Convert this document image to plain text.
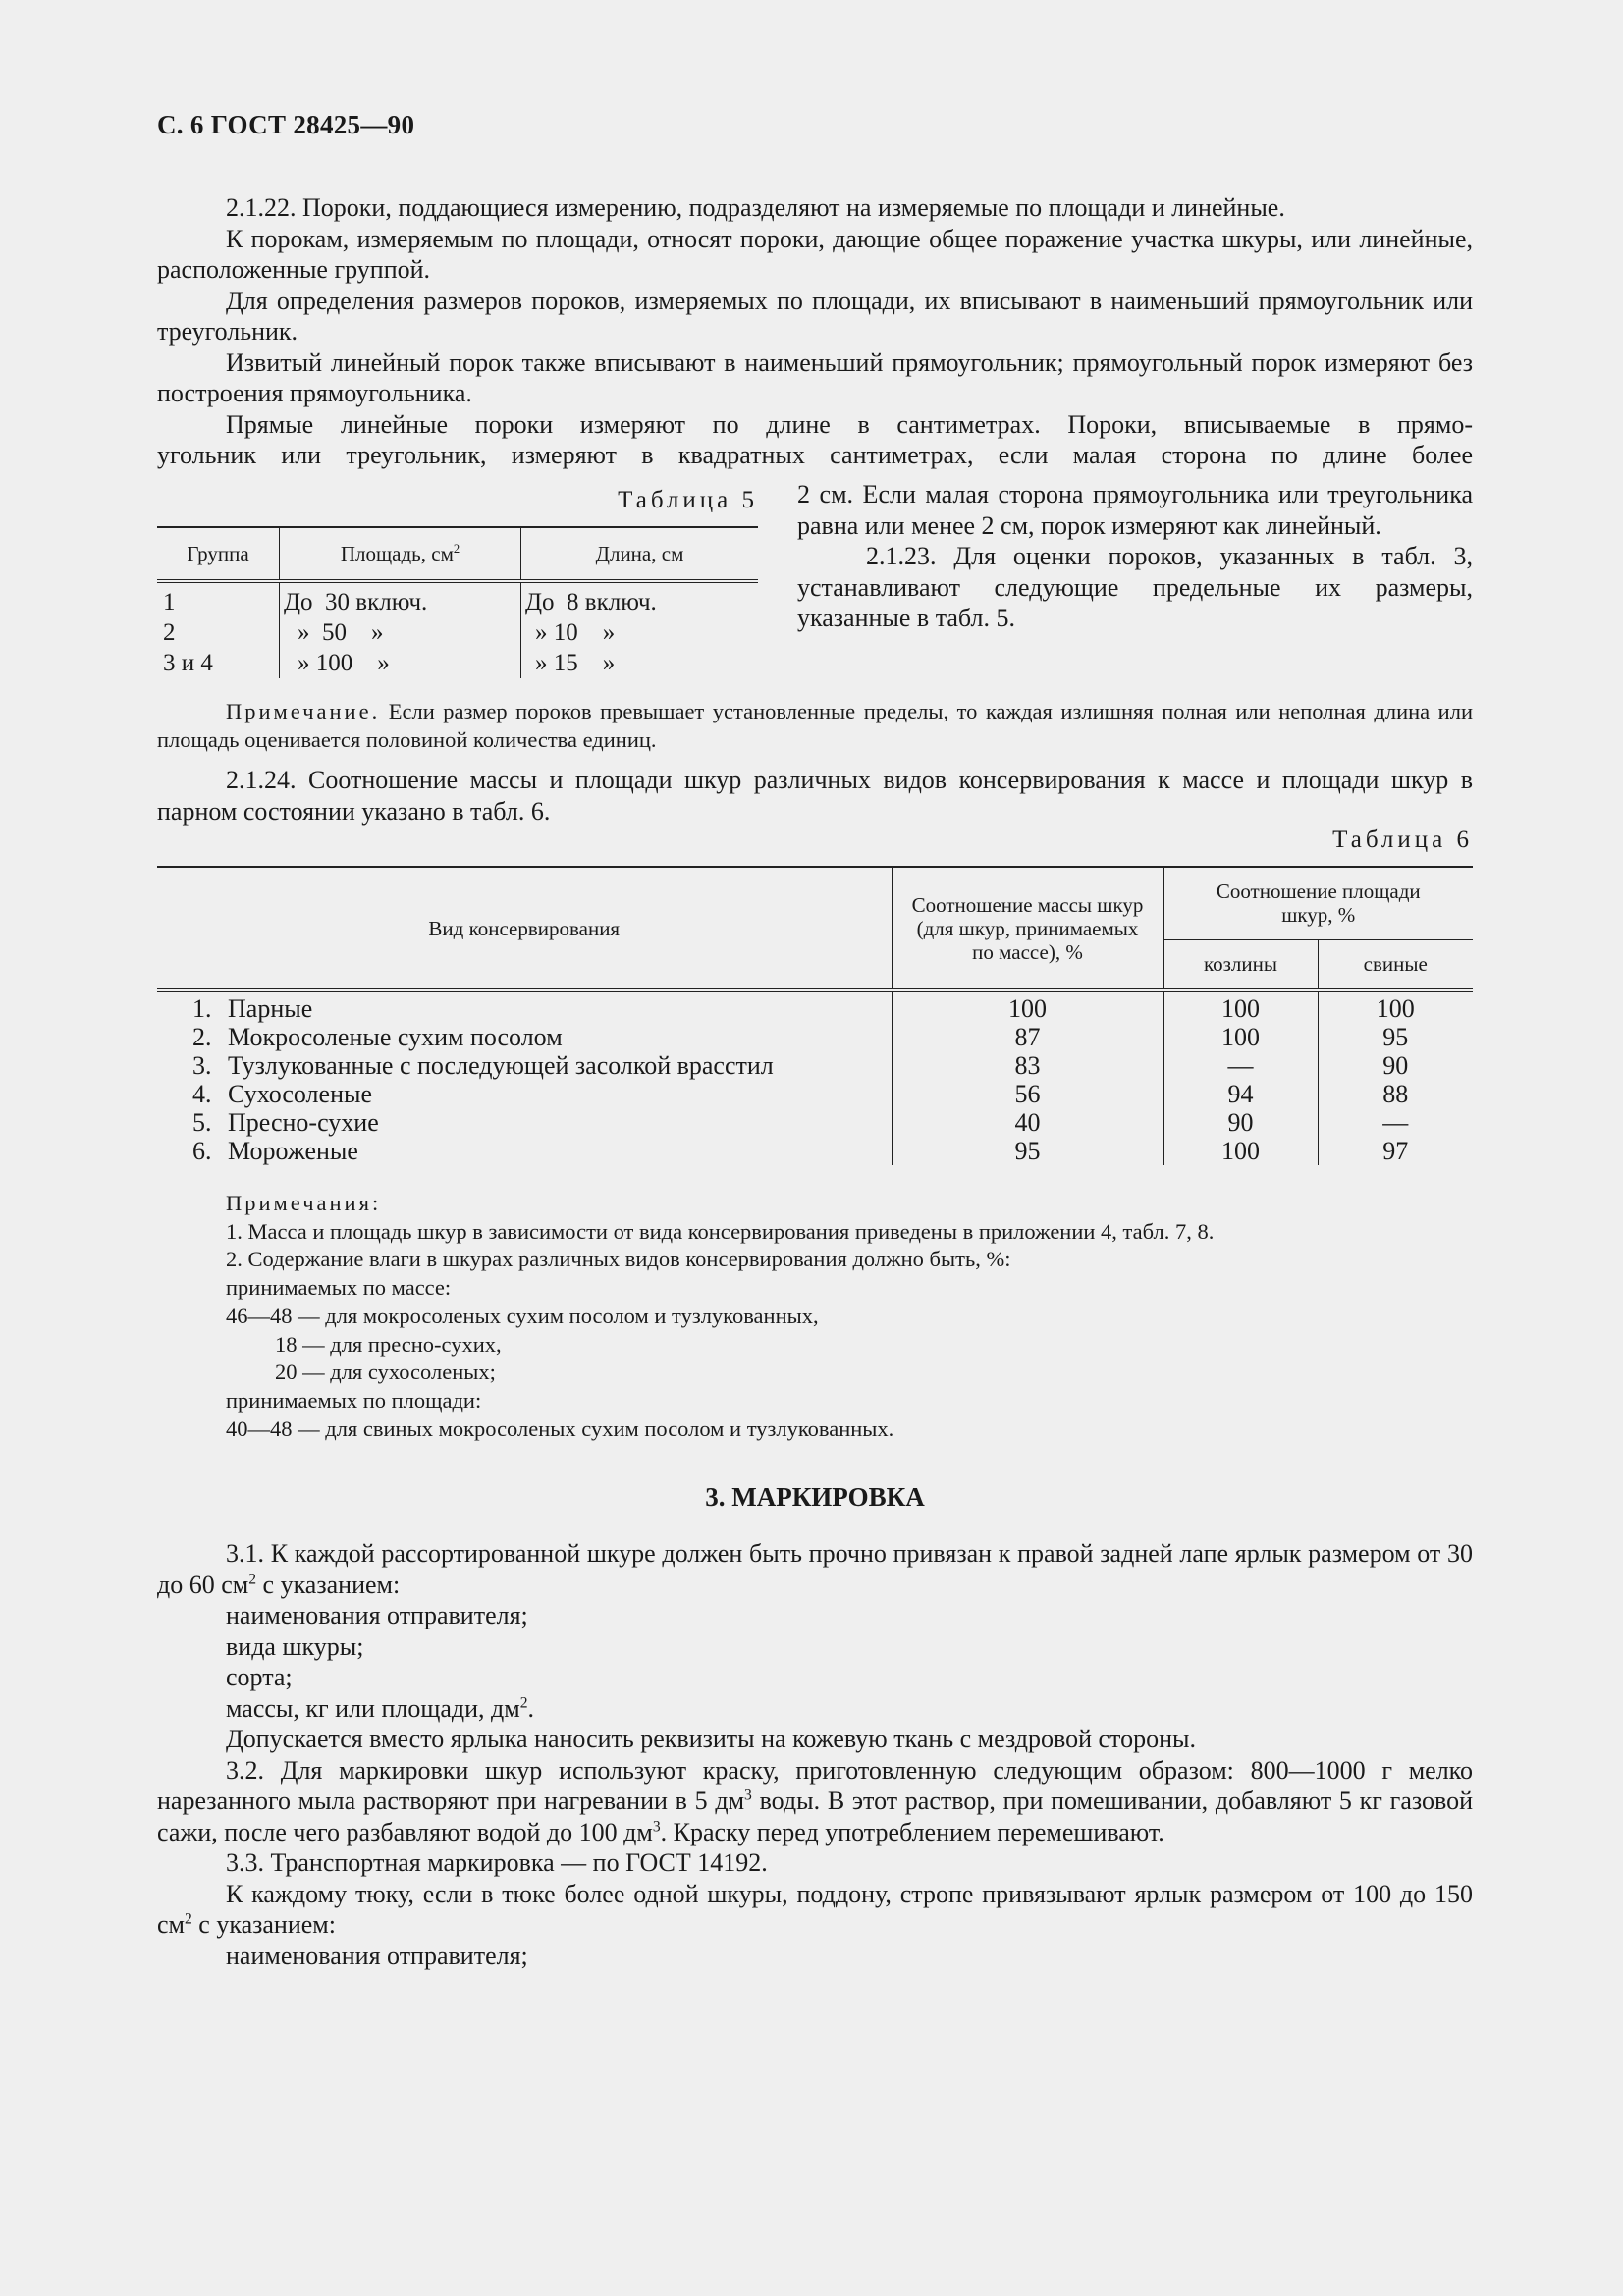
С. 6 ГОСТ 28425—90

2.1.22. Пороки, поддающиеся измерению, подразделяют на измеряемые по площади и линейные.

К порокам, измеряемым по площади, относят пороки, дающие общее поражение участка шкуры, или линейные, расположенные группой.

Для определения размеров пороков, измеряемых по площади, их вписывают в наименьший прямоугольник или треугольник.

Извитый линейный порок также вписывают в наименьший прямоугольник; прямоугольный порок измеряют без построения прямоугольника.

Прямые линейные пороки измеряют по длине в сантиметрах. Пороки, вписываемые в прямо-

угольник или треугольник, измеряют в квадратных сантиметрах, если малая сторона по длине более

Таблица 5
Группа	Площадь, $см^2$	Длина, см

1	До  30 включ.	До  8 включ.
2	»  50    »	» 10    »
3 и 4	» 100    »	» 15    »

2 см. Если малая сторона прямоугольника или треугольника равна или менее 2 см, порок измеряют как линейный.

2.1.23. Для оценки пороков, указанных в табл. 3, устанавливают следующие предельные их размеры, указанные в табл. 5.

Примечание. Если размер пороков превышает установленные пределы, то каждая излишняя полная или неполная длина или площадь оценивается половиной количества единиц.

2.1.24. Соотношение массы и площади шкур различных видов консервирования к массе и площади шкур в парном состоянии указано в табл. 6.

Таблица 6
Вид консервирования	Соотношение массы шкур (для шкур, принимаемых по массе), %	Соотношение площади шкур, %	
		козлины	свиные

1. Парные	100	100	100
2. Мокросоленые сухим посолом	87	100	95
3. Тузлукованные с последующей засолкой врасстил	83	—	90
4. Сухосоленые	56	94	88
5. Пресно-сухие	40	90	—
6. Мороженые	95	100	97
Примечания:
1. Масса и площадь шкур в зависимости от вида консервирования приведены в приложении 4, табл. 7, 8.
2. Содержание влаги в шкурах различных видов консервирования должно быть, %:
принимаемых по массе:
46—48 — для мокросоленых сухим посолом и тузлукованных,
18 — для пресно-сухих,
20 — для сухосоленых;
принимаемых по площади:
40—48 — для свиных мокросоленых сухим посолом и тузлукованных.
3. МАРКИРОВКА

3.1. К каждой рассортированной шкуре должен быть прочно привязан к правой задней лапе ярлык размером от 30 до 60 $см^2$ с указанием:

наименования отправителя;

вида шкуры;

сорта;

массы, кг или площади, $дм^2$.

Допускается вместо ярлыка наносить реквизиты на кожевую ткань с мездровой стороны.

3.2. Для маркировки шкур используют краску, приготовленную следующим образом: 800—1000 г мелко нарезанного мыла растворяют при нагревании в 5 $дм^3$ воды. В этот раствор, при помешивании, добавляют 5 кг газовой сажи, после чего разбавляют водой до 100 $дм^3$. Краску перед употреблением перемешивают.

3.3. Транспортная маркировка — по ГОСТ 14192.

К каждому тюку, если в тюке более одной шкуры, поддону, стропе привязывают ярлык размером от 100 до 150 $см^2$ с указанием:

наименования отправителя;
